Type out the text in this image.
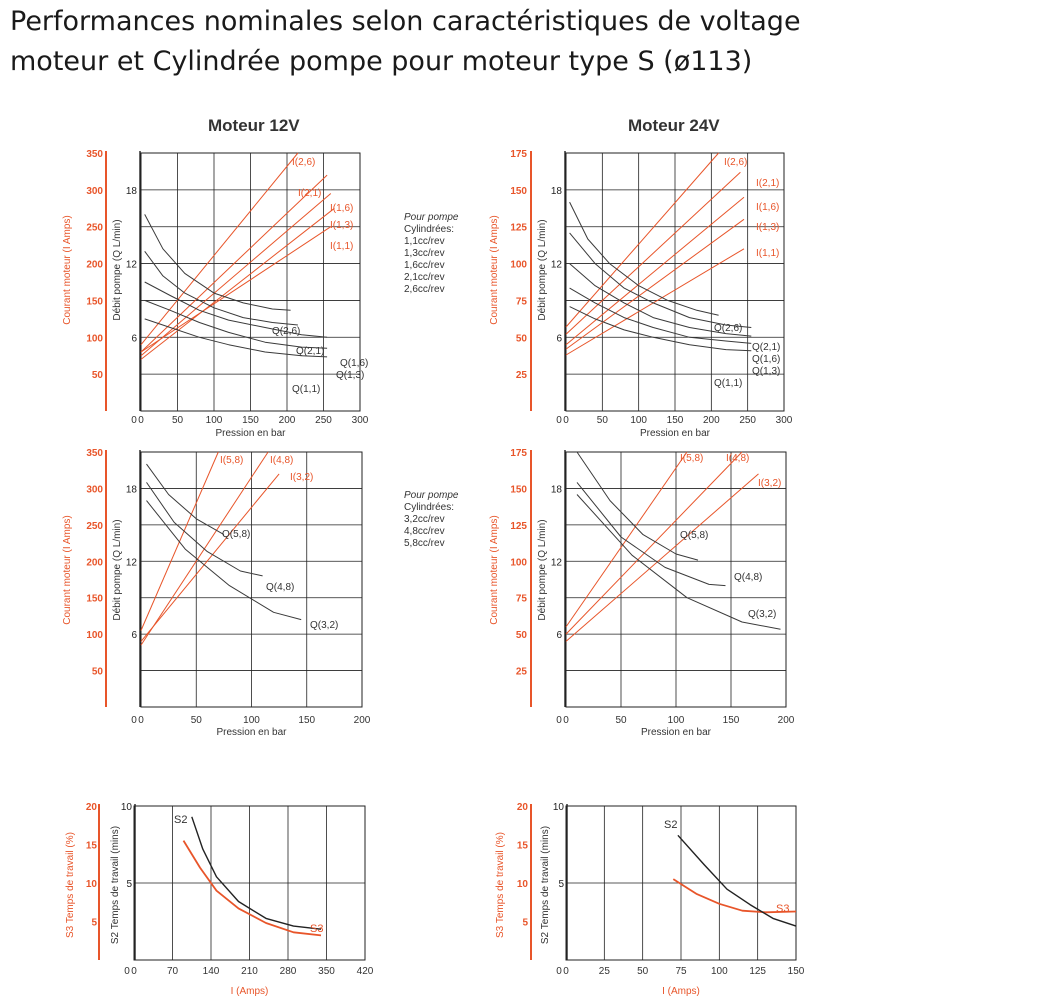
Performances nominales selon caractéristiques de voltage
moteur et Cylindrée pompe pour moteur type S (ø113)
Moteur 12V	Moteur 24V
Pour pompe
Cylindrées:
1,1cc/rev
1,3cc/rev
1,6cc/rev
2,1cc/rev
2,6cc/rev
Pour pompe
Cylindrées:
3,2cc/rev
4,8cc/rev
5,8cc/rev
0	50 100 150 200 250 300
50
100
150
200
250
300
350
6
12
18
0
Courant moteur (I Amps)	Débit pompe (Q L/min)
Pression en bar
I(2,6)
I(2,1)
I(1,6)
I(1,3)
I(1,1)
Q(2,6)
Q(2,1)
Q(1,6)
Q(1,3)
Q(1,1)
0	50 100 150 200 250 300
25
50
75
100
125
150
175
6
12
18
0
Courant moteur (I Amps)	Débit pompe (Q L/min)
Pression en bar
I(2,6)
I(2,1)
I(1,6)
I(1,3)
I(1,1)
Q(2,6)
Q(2,1)
Q(1,6)
Q(1,3)
Q(1,1)
0	50	100	150	200
50
100
150
200
250
300
350
6
12
18
0
Courant moteur (I Amps)	Débit pompe (Q L/min)
Pression en bar
I(5,8)	I(4,8)
I(3,2)
Q(5,8)
Q(4,8)
Q(3,2)
0	50	100	150	200
25
50
75
100
125
150
175
6
12
18
0
Courant moteur (I Amps)	Débit pompe (Q L/min)
Pression en bar
I(5,8) I(4,8)
I(3,2)
Q(5,8)
Q(4,8)
Q(3,2)
0	70 140 210 280 350 420
5
10
15
20
5
10
0
S3 Temps de travail (%)	S2 Temps de travail (mins)
I (Amps)
S2
S3
0	25	50	75 100 125 150
5
10
15
20
5
10
0
S3 Temps de travail (%)	S2 Temps de travail (mins)
I (Amps)
S2
S3
